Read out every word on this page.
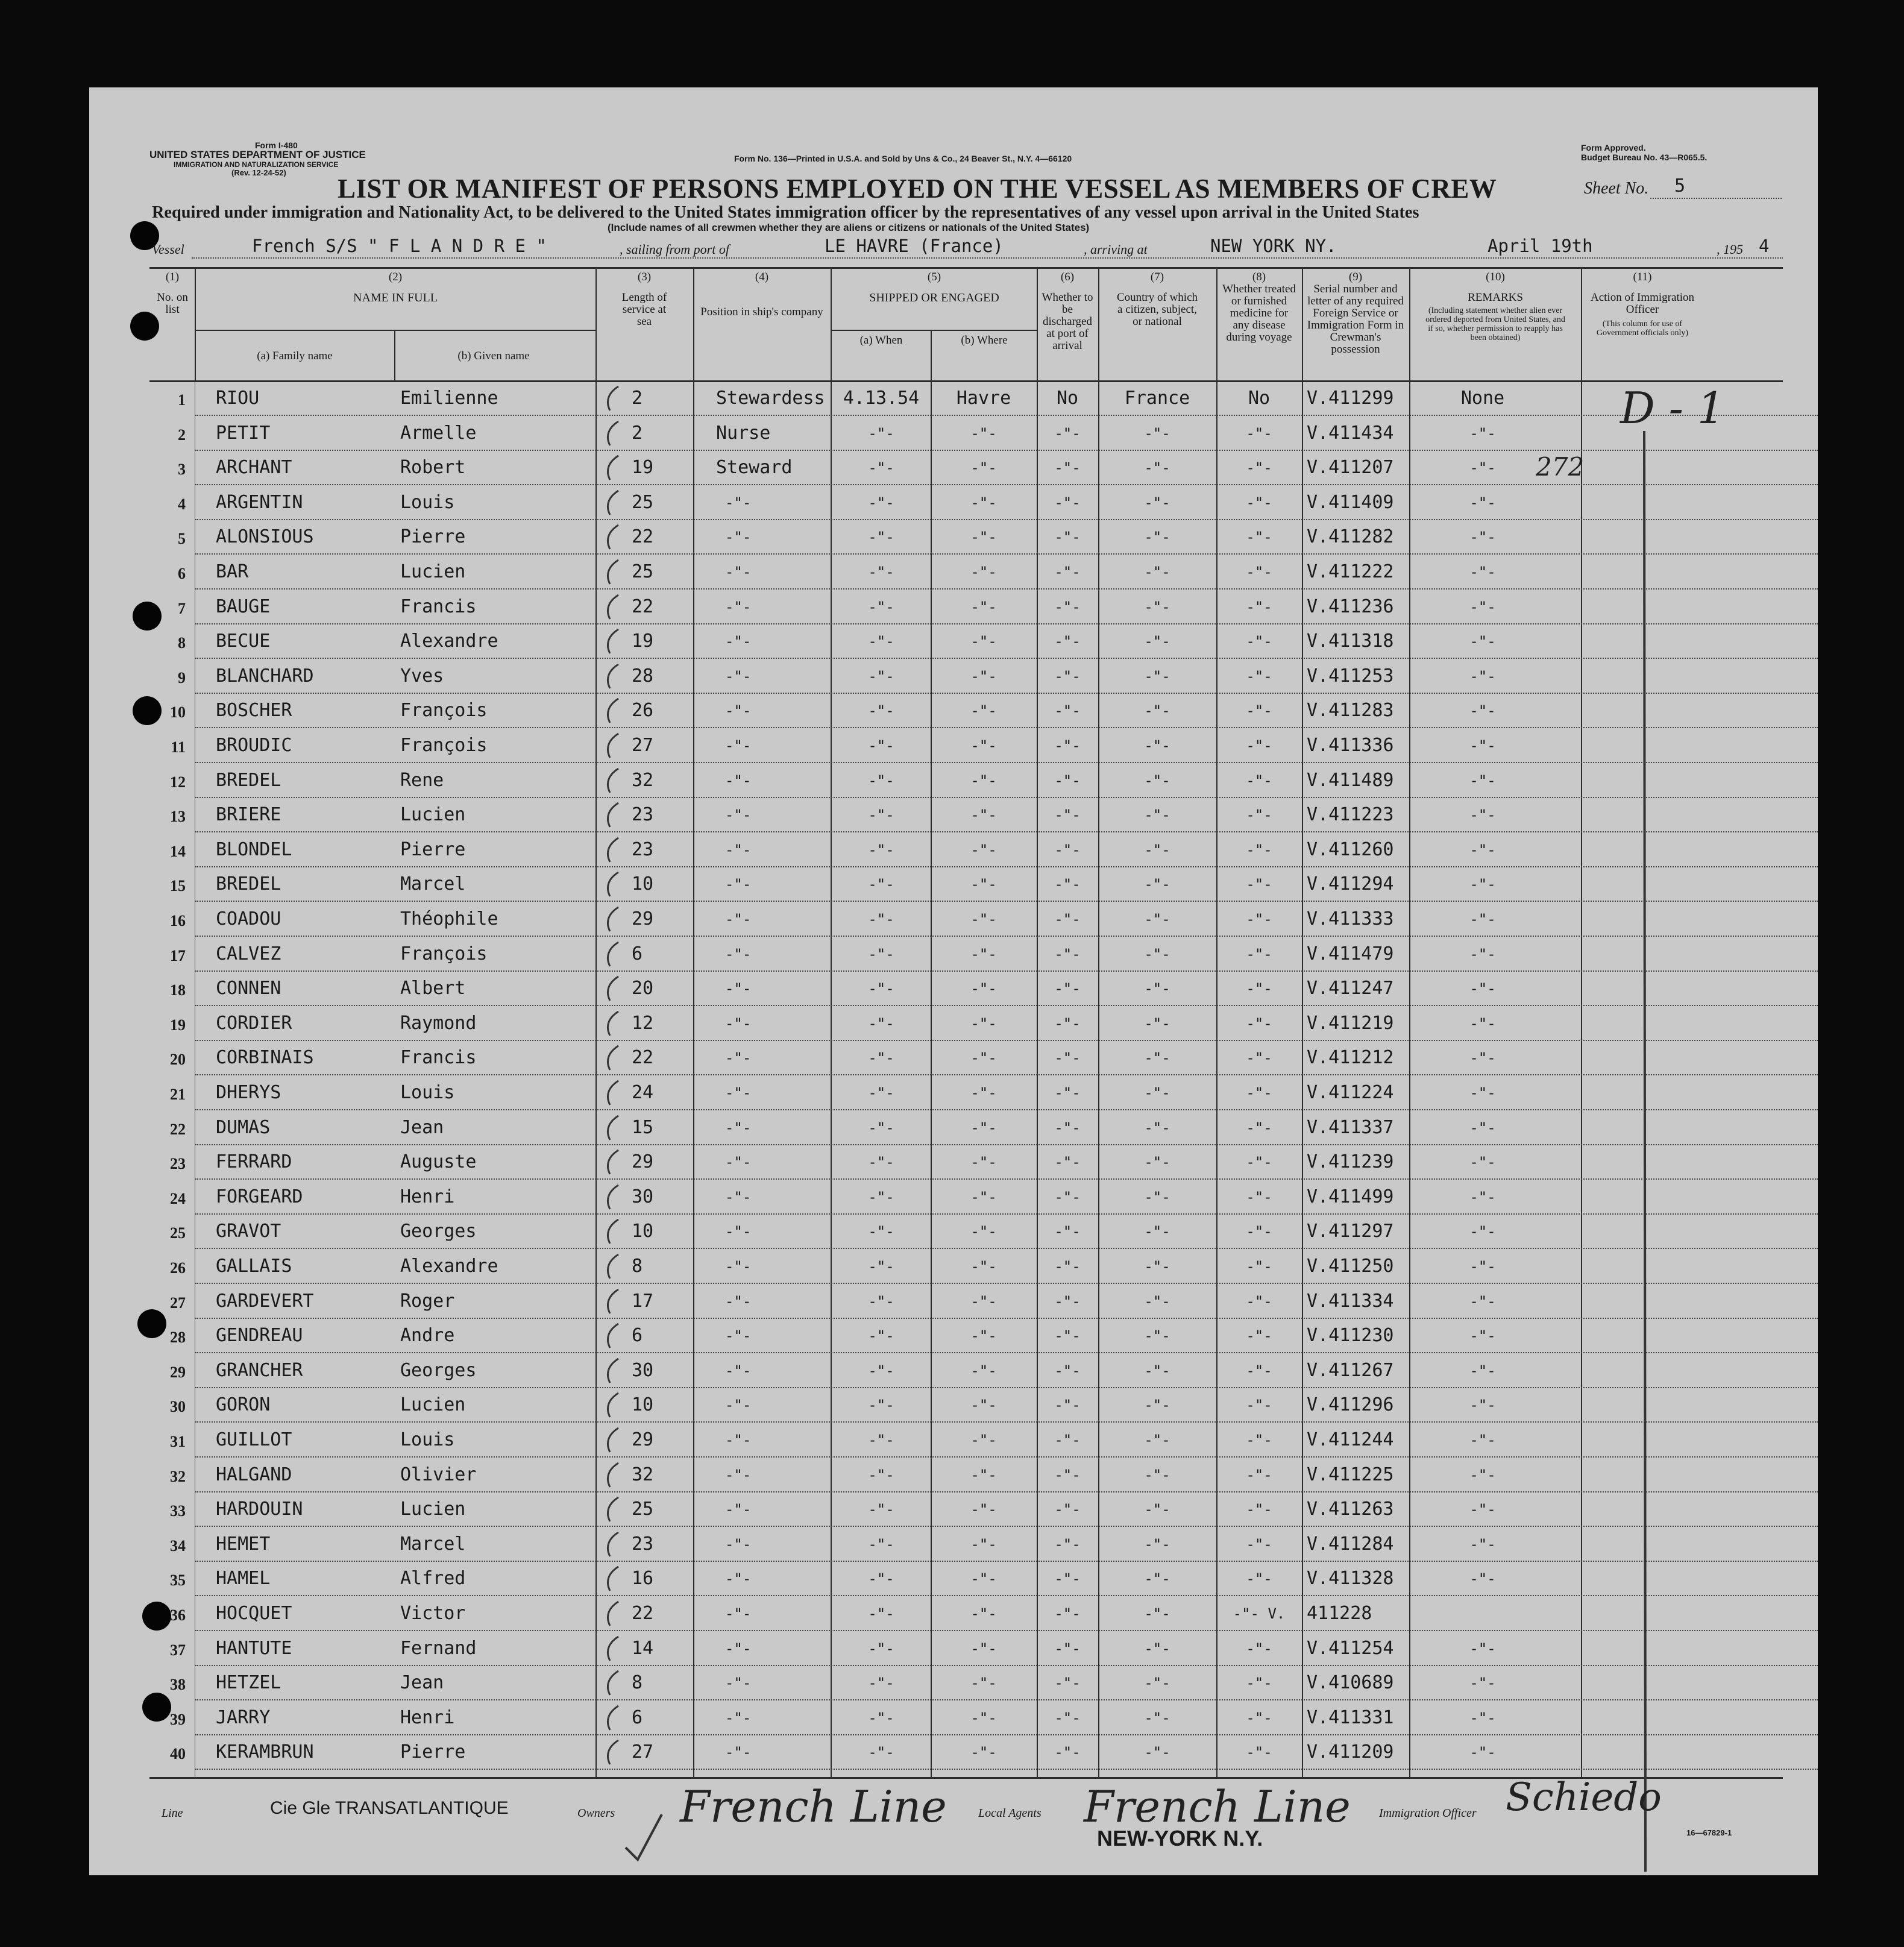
Form I-480
UNITED STATES DEPARTMENT OF JUSTICE
IMMIGRATION AND NATURALIZATION SERVICE
(Rev. 12-24-52)
Form No. 136—Printed in U.S.A. and Sold by Uns & Co., 24 Beaver St., N.Y. 4—66120
Form Approved.
Budget Bureau No. 43—R065.5.
LIST OR MANIFEST OF PERSONS EMPLOYED ON THE VESSEL AS MEMBERS OF CREW	Sheet No. 5
Required under immigration and Nationality Act, to be delivered to the United States immigration officer by the representatives of any vessel upon arrival in the United States
(Include names of all crewmen whether they are aliens or citizens or nationals of the United States)
Vessel	French S/S " F L A N D R E "	, sailing from port of	LE HAVRE (France)	, arriving at	NEW YORK NY.	April 19th	, 195 4
(1)
No. on list
(2)
NAME IN FULL
(a) Family name	(b) Given name
(3)
Length of service at sea
(4)
Position in ship's company
(5)
SHIPPED OR ENGAGED
(a) When	(b) Where
(6)
Whether to be discharged at port of arrival
(7)
Country of which a citizen, subject, or national
(8)
Whether treated or furnished medicine for any disease during voyage
(9)
Serial number and letter of any required Foreign Service or Immigration Form in Crewman's possession
(10)
REMARKS
(Including statement whether alien ever ordered deported from United States, and if so, whether permission to reapply has been obtained)
(11)
Action of Immigration Officer
(This column for use of Government officials only)
1 RIOU	Emilienne	2	Stewardess	4.13.54	Havre	No	France	No	V.411299	None
2 PETIT	Armelle	2	Nurse	-"-	-"-	-"-	-"-	-"-	V.411434	-"-
3 ARCHANT	Robert	19	Steward	-"-	-"-	-"-	-"-	-"-	V.411207	-"-
4 ARGENTIN	Louis	25	-"-	-"-	-"-	-"-	-"-	-"-	V.411409	-"-
5 ALONSIOUS	Pierre	22	-"-	-"-	-"-	-"-	-"-	-"-	V.411282	-"-
6 BAR	Lucien	25	-"-	-"-	-"-	-"-	-"-	-"-	V.411222	-"-
7 BAUGE	Francis	22	-"-	-"-	-"-	-"-	-"-	-"-	V.411236	-"-
8 BECUE	Alexandre	19	-"-	-"-	-"-	-"-	-"-	-"-	V.411318	-"-
9 BLANCHARD	Yves	28	-"-	-"-	-"-	-"-	-"-	-"-	V.411253	-"-
10 BOSCHER	François	26	-"-	-"-	-"-	-"-	-"-	-"-	V.411283	-"-
11 BROUDIC	François	27	-"-	-"-	-"-	-"-	-"-	-"-	V.411336	-"-
12 BREDEL	Rene	32	-"-	-"-	-"-	-"-	-"-	-"-	V.411489	-"-
13 BRIERE	Lucien	23	-"-	-"-	-"-	-"-	-"-	-"-	V.411223	-"-
14 BLONDEL	Pierre	23	-"-	-"-	-"-	-"-	-"-	-"-	V.411260	-"-
15 BREDEL	Marcel	10	-"-	-"-	-"-	-"-	-"-	-"-	V.411294	-"-
16 COADOU	Théophile	29	-"-	-"-	-"-	-"-	-"-	-"-	V.411333	-"-
17 CALVEZ	François	6	-"-	-"-	-"-	-"-	-"-	-"-	V.411479	-"-
18 CONNEN	Albert	20	-"-	-"-	-"-	-"-	-"-	-"-	V.411247	-"-
19 CORDIER	Raymond	12	-"-	-"-	-"-	-"-	-"-	-"-	V.411219	-"-
20 CORBINAIS	Francis	22	-"-	-"-	-"-	-"-	-"-	-"-	V.411212	-"-
21 DHERYS	Louis	24	-"-	-"-	-"-	-"-	-"-	-"-	V.411224	-"-
22 DUMAS	Jean	15	-"-	-"-	-"-	-"-	-"-	-"-	V.411337	-"-
23 FERRARD	Auguste	29	-"-	-"-	-"-	-"-	-"-	-"-	V.411239	-"-
24 FORGEARD	Henri	30	-"-	-"-	-"-	-"-	-"-	-"-	V.411499	-"-
25 GRAVOT	Georges	10	-"-	-"-	-"-	-"-	-"-	-"-	V.411297	-"-
26 GALLAIS	Alexandre	8	-"-	-"-	-"-	-"-	-"-	-"-	V.411250	-"-
27 GARDEVERT	Roger	17	-"-	-"-	-"-	-"-	-"-	-"-	V.411334	-"-
28 GENDREAU	Andre	6	-"-	-"-	-"-	-"-	-"-	-"-	V.411230	-"-
29 GRANCHER	Georges	30	-"-	-"-	-"-	-"-	-"-	-"-	V.411267	-"-
30 GORON	Lucien	10	-"-	-"-	-"-	-"-	-"-	-"-	V.411296	-"-
31 GUILLOT	Louis	29	-"-	-"-	-"-	-"-	-"-	-"-	V.411244	-"-
32 HALGAND	Olivier	32	-"-	-"-	-"-	-"-	-"-	-"-	V.411225	-"-
33 HARDOUIN	Lucien	25	-"-	-"-	-"-	-"-	-"-	-"-	V.411263	-"-
34 HEMET	Marcel	23	-"-	-"-	-"-	-"-	-"-	-"-	V.411284	-"-
35 HAMEL	Alfred	16	-"-	-"-	-"-	-"-	-"-	-"-	V.411328	-"-
36 HOCQUET	Victor	22	-"-	-"-	-"-	-"-	-"-	-"- V.	411228
37 HANTUTE	Fernand	14	-"-	-"-	-"-	-"-	-"-	-"-	V.411254	-"-
38 HETZEL	Jean	8	-"-	-"-	-"-	-"-	-"-	-"-	V.410689	-"-
39 JARRY	Henri	6	-"-	-"-	-"-	-"-	-"-	-"-	V.411331	-"-
40 KERAMBRUN	Pierre	27	-"-	-"-	-"-	-"-	-"-	-"-	V.411209	-"-
D - 1
272
Line	Cie Gle TRANSATLANTIQUE	Owners French Line	Local Agents French Line
NEW-YORK N.Y.
Immigration Officer Schiedo
16—67829-1
